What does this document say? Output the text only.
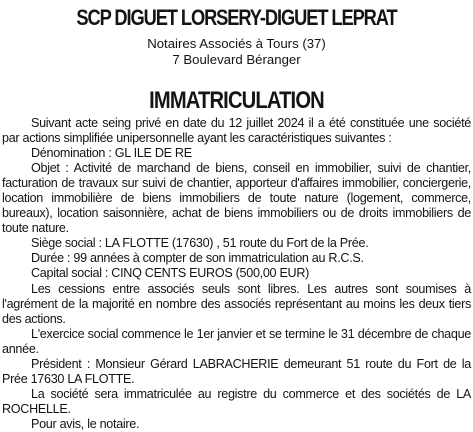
SCP DIGUET LORSERY-DIGUET LEPRAT
Notaires Associés à Tours (37)
7 Boulevard Béranger
IMMATRICULATION

Suivant acte seing privé en date du 12 juillet 2024 il a été constituée une société par actions simplifiée unipersonnelle ayant les caractéristiques suivantes :

Dénomination : GL ILE DE RE

Objet : Activité de marchand de biens, conseil en immobilier, suivi de chantier, facturation de travaux sur suivi de chantier, apporteur d'affaires immobilier, conciergerie, location immobilière de biens immobiliers de toute nature (logement, commerce, bureaux), location saisonnière, achat de biens immobiliers ou de droits immobiliers de toute nature.

Siège social : LA FLOTTE (17630) , 51 route du Fort de la Prée.

Durée : 99 années à compter de son immatriculation au R.C.S.

Capital social : CINQ CENTS EUROS (500,00 EUR)

Les cessions entre associés seuls sont libres. Les autres sont soumises à l'agrément de la majorité en nombre des associés représentant au moins les deux tiers des actions.

L'exercice social commence le 1er janvier et se termine le 31 décembre de chaque année.

Président : Monsieur Gérard LABRACHERIE demeurant 51 route du Fort de la Prée 17630 LA FLOTTE.

La société sera immatriculée au registre du commerce et des sociétés de LA ROCHELLE.

Pour avis, le notaire.
